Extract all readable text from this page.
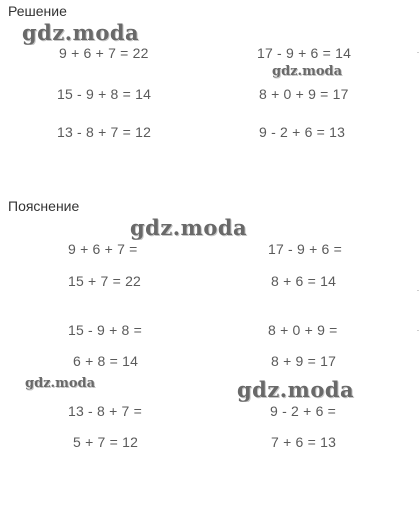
Решение
gdz.moda
9 + 6 + 7 = 22
15 - 9 + 8 = 14
13 - 8 + 7 = 12
17 - 9 + 6 = 14
gdz.moda
8 + 0 + 9 = 17
9 - 2 + 6 = 13
Пояснение
gdz.moda
9 + 6 + 7 =
15 + 7 = 22
15 - 9 + 8 =
6 + 8 = 14
gdz.moda
13 - 8 + 7 =
5 + 7 = 12
17 - 9 + 6 =
8 + 6 = 14
8 + 0 + 9 =
8 + 9 = 17
gdz.moda
9 - 2 + 6 =
7 + 6 = 13
